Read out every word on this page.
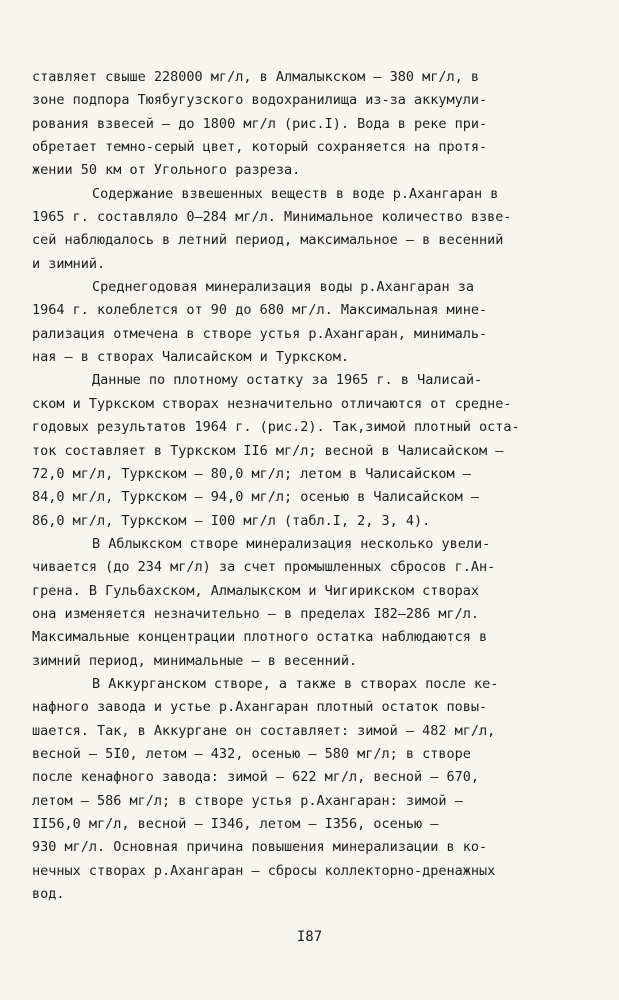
ставляет свыше 228000 мг/л, в Алмалыкском – 380 мг/л, в
зоне подпора Тюябугузского водохранилища из-за аккумули-
рования взвесей – до 1800 мг/л (рис.I). Вода в реке при-
обретает темно-серый цвет, который сохраняется на протя-
жении 50 км от Угольного разреза.
Содержание взвешенных веществ в воде р.Ахангаран в
1965 г. составляло 0–284 мг/л. Минимальное количество взве-
сей наблюдалось в летний период, максимальное – в весенний
и зимний.
Среднегодовая минерализация воды р.Ахангаран за
1964 г. колеблется от 90 до 680 мг/л. Максимальная мине-
рализация отмечена в створе устья р.Ахангаран, минималь-
ная – в створах Чалисайском и Туркском.
Данные по плотному остатку за 1965 г. в Чалисай-
ском и Туркском створах незначительно отличаются от средне-
годовых результатов 1964 г. (рис.2). Так,зимой плотный оста-
ток составляет в Туркском II6 мг/л; весной в Чалисайском –
72,0 мг/л, Туркском – 80,0 мг/л; летом в Чалисайском –
84,0 мг/л, Туркском – 94,0 мг/л; осенью в Чалисайском –
86,0 мг/л, Туркском – I00 мг/л (табл.I, 2, 3, 4).
В Аблыкском створе минерализация несколько увели-
чивается (до 234 мг/л) за счет промышленных сбросов г.Ан-
грена. В Гульбахском, Алмалыкском и Чигирикском створах
она изменяется незначительно – в пределах I82–286 мг/л.
Максимальные концентрации плотного остатка наблюдаются в
зимний период, минимальные – в весенний.
В Аккурганском створе, а также в створах после ке-
нафного завода и устье р.Ахангаран плотный остаток повы-
шается. Так, в Аккургане он составляет: зимой – 482 мг/л,
весной – 5I0, летом – 432, осенью – 580 мг/л; в створе
после кенафного завода: зимой – 622 мг/л, весной – 670,
летом – 586 мг/л; в створе устья р.Ахангаран: зимой –
II56,0 мг/л, весной – I346, летом – I356, осенью –
930 мг/л. Основная причина повышения минерализации в ко-
нечных створах р.Ахангаран – сбросы коллекторно-дренажных
вод.
I87
